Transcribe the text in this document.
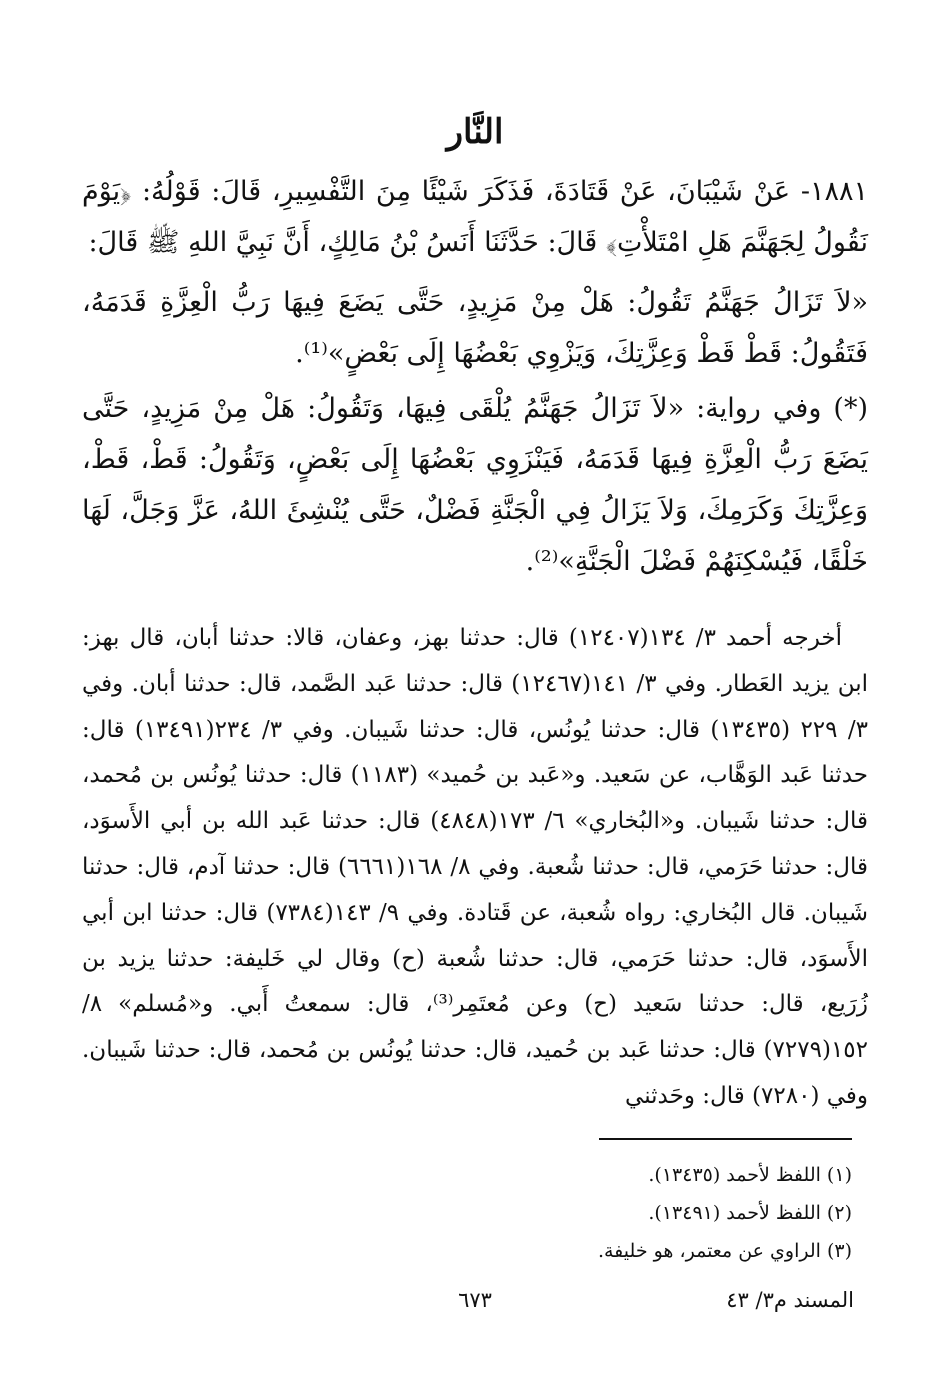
النَّار

١٨٨١- عَنْ شَيْبَانَ، عَنْ قَتَادَةَ، فَذَكَرَ شَيْئًا مِنَ التَّفْسِيرِ، قَالَ: قَوْلُهُ: ﴿يَوْمَ نَقُولُ لِجَهَنَّمَ هَلِ امْتَلأْتِ﴾ قَالَ: حَدَّثَنَا أَنَسُ بْنُ مَالِكٍ، أَنَّ نَبِيَّ اللهِ ﷺ قَالَ:

«لاَ تَزَالُ جَهَنَّمُ تَقُولُ: هَلْ مِنْ مَزِيدٍ، حَتَّى يَضَعَ فِيهَا رَبُّ الْعِزَّةِ قَدَمَهُ، فَتَقُولُ: قَطْ قَطْ وَعِزَّتِكَ، وَيَزْوِي بَعْضُهَا إِلَى بَعْضٍ»⁽¹⁾.

(*) وفي رواية: «لاَ تَزَالُ جَهَنَّمُ يُلْقَى فِيهَا، وَتَقُولُ: هَلْ مِنْ مَزِيدٍ، حَتَّى يَضَعَ رَبُّ الْعِزَّةِ فِيهَا قَدَمَهُ، فَيَنْزَوِي بَعْضُهَا إِلَى بَعْضٍ، وَتَقُولُ: قَطْ، قَطْ، وَعِزَّتِكَ وَكَرَمِكَ، وَلاَ يَزَالُ فِي الْجَنَّةِ فَضْلٌ، حَتَّى يُنْشِئَ اللهُ، عَزَّ وَجَلَّ، لَهَا خَلْقًا، فَيُسْكِنَهُمْ فَضْلَ الْجَنَّةِ»⁽²⁾.

أخرجه أحمد ٣/ ١٣٤(١٢٤٠٧) قال: حدثنا بهز، وعفان، قالا: حدثنا أبان، قال بهز: ابن يزيد العَطار. وفي ٣/ ١٤١(١٢٤٦٧) قال: حدثنا عَبد الصَّمد، قال: حدثنا أبان. وفي ٣/ ٢٢٩ (١٣٤٣٥) قال: حدثنا يُونُس، قال: حدثنا شَيبان. وفي ٣/ ٢٣٤(١٣٤٩١) قال: حدثنا عَبد الوَهَّاب، عن سَعيد. و«عَبد بن حُميد» (١١٨٣) قال: حدثنا يُونُس بن مُحمد، قال: حدثنا شَيبان. و«البُخاري» ٦/ ١٧٣(٤٨٤٨) قال: حدثنا عَبد الله بن أبي الأَسوَد، قال: حدثنا حَرَمي، قال: حدثنا شُعبة. وفي ٨/ ١٦٨(٦٦٦١) قال: حدثنا آدم، قال: حدثنا شَيبان. قال البُخاري: رواه شُعبة، عن قَتادة. وفي ٩/ ١٤٣(٧٣٨٤) قال: حدثنا ابن أبي الأَسوَد، قال: حدثنا حَرَمي، قال: حدثنا شُعبة (ح) وقال لي خَليفة: حدثنا يزيد بن زُرَيع، قال: حدثنا سَعيد (ح) وعن مُعتَمِر⁽³⁾، قال: سمعتُ أَبي. و«مُسلم» ٨/ ١٥٢(٧٢٧٩) قال: حدثنا عَبد بن حُميد، قال: حدثنا يُونُس بن مُحمد، قال: حدثنا شَيبان. وفي (٧٢٨٠) قال: وحَدثني

(١) اللفظ لأحمد (١٣٤٣٥).
(٢) اللفظ لأحمد (١٣٤٩١).
(٣) الراوي عن معتمر، هو خليفة.
المسند م٣/ ٤٣
٦٧٣
